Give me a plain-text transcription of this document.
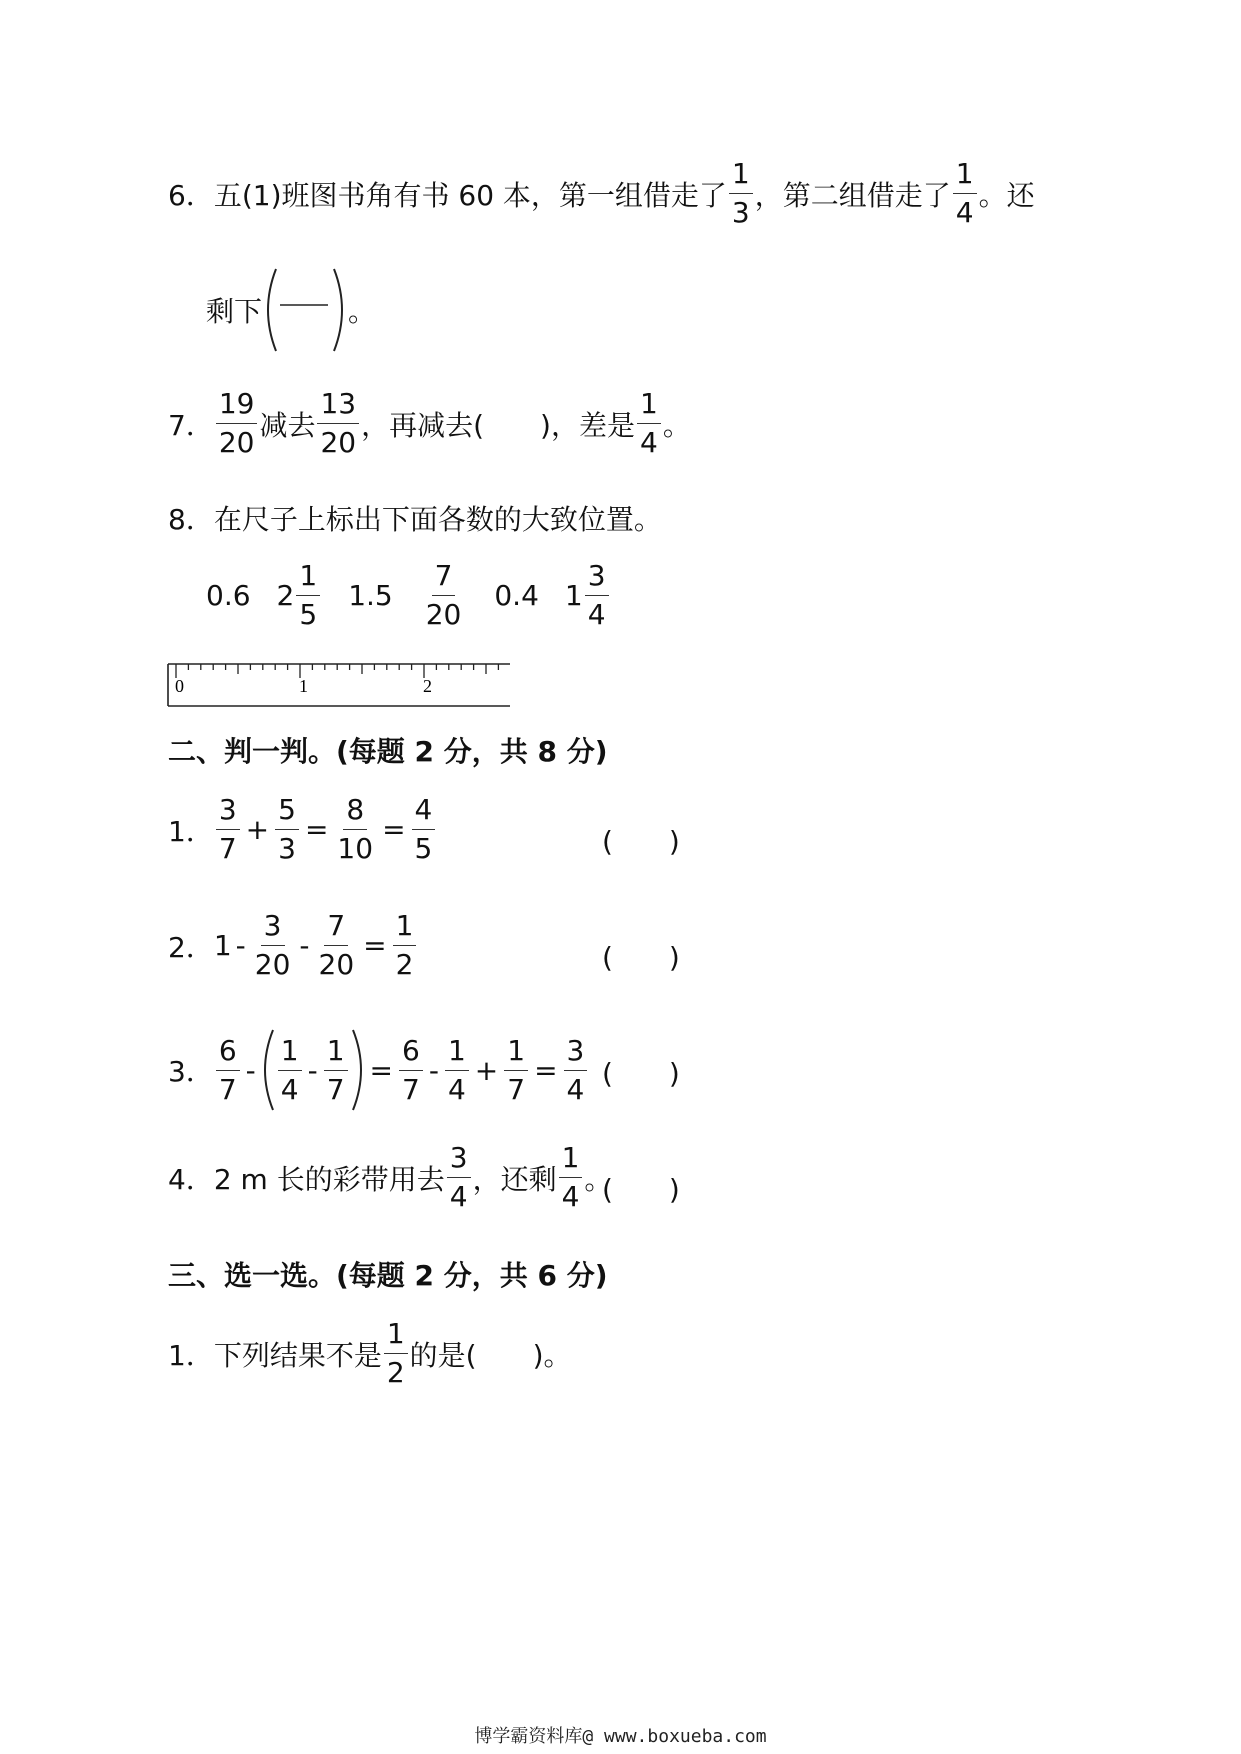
6． 五(1)班图书角有书 60 本，第一组借走了 $\frac{1}{3}$ ，第二组借走了 $\frac{1}{4}$ 。还
剩下	。
7． $\frac{19}{20}$ 减去 $\frac{13}{20}$ ，再减去(　　)，差是 $\frac{1}{4}$ 。
8． 在尺子上标出下面各数的大致位置。
0.6 $2 \frac{1}{5} 1.5 \frac{7}{20} 0.4$ $1 \frac{3}{4}$
0	1	2
二、判一判。(每题 2 分，共 8 分)
1． $\frac{3}{7} + \frac{5}{3} = \frac{8}{10} = \frac{4}{5}$	(　　)
2． $1 - \frac{3}{20} - \frac{7}{20} = \frac{1}{2}$	(　　)
3． $\frac{6}{7} - \frac{1}{4} - \frac{1}{7} = \frac{6}{7} - \frac{1}{4} + \frac{1}{7} = \frac{3}{4}$ (　　)
4． 2 m 长的彩带用去 $\frac{3}{4}$ ，还剩 $\frac{1}{4}$ 。
(　　)
三、选一选。(每题 2 分，共 6 分)
1． 下列结果不是 $\frac{1}{2}$ 的是(　　)。
博学霸资料库@ www.boxueba.com
